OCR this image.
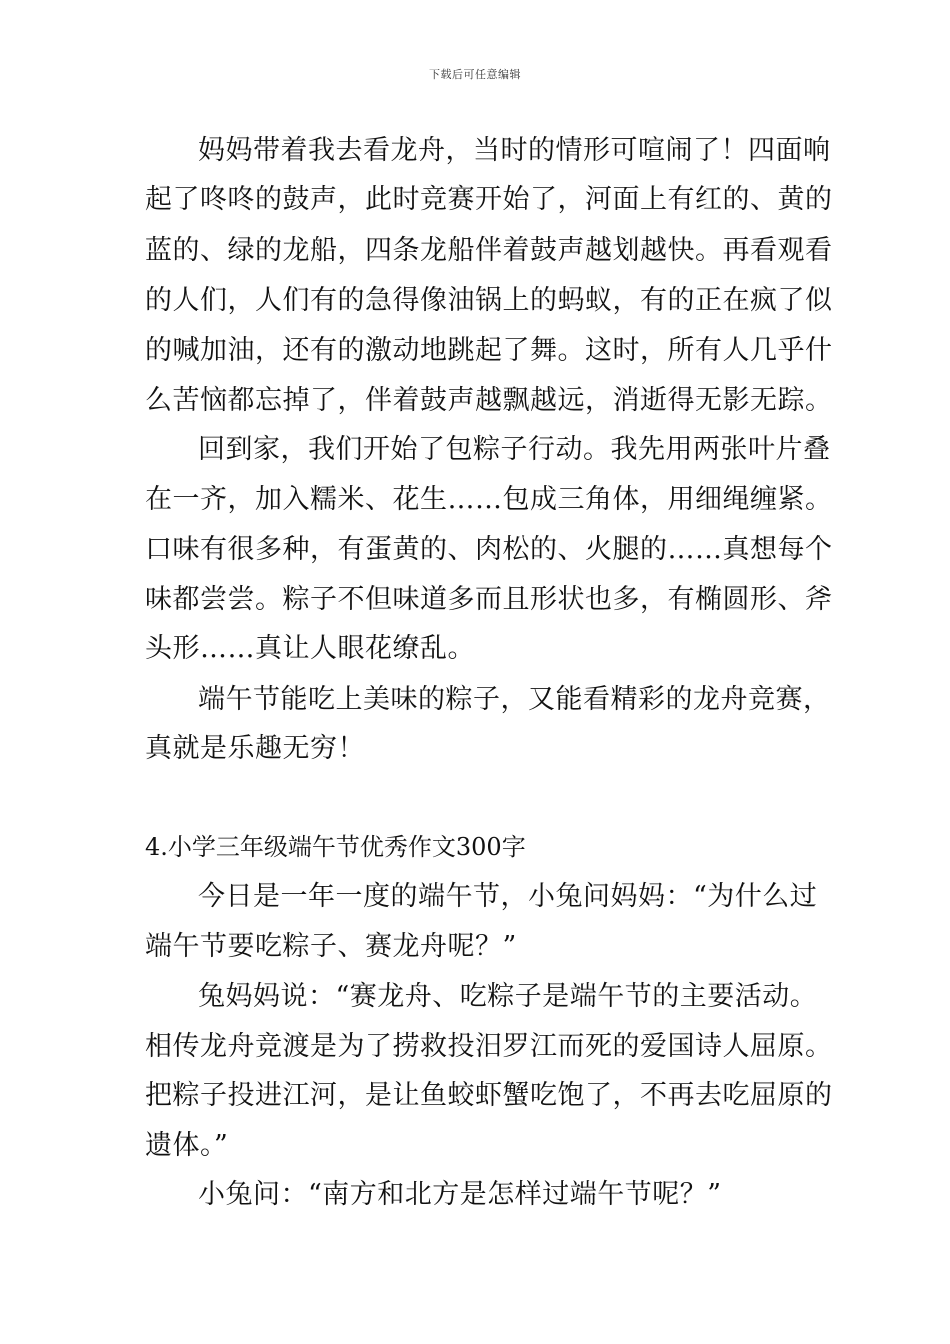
下载后可任意编辑
妈妈带着我去看龙舟，当时的情形可喧闹了！四面响
起了咚咚的鼓声，此时竞赛开始了，河面上有红的、黄的
蓝的、绿的龙船，四条龙船伴着鼓声越划越快。再看观看
的人们，人们有的急得像油锅上的蚂蚁，有的正在疯了似
的喊加油，还有的激动地跳起了舞。这时，所有人几乎什
么苦恼都忘掉了，伴着鼓声越飘越远，消逝得无影无踪。
回到家，我们开始了包粽子行动。我先用两张叶片叠
在一齐，加入糯米、花生……包成三角体，用细绳缠紧。
口味有很多种，有蛋黄的、肉松的、火腿的……真想每个
味都尝尝。粽子不但味道多而且形状也多，有椭圆形、斧
头形……真让人眼花缭乱。
端午节能吃上美味的粽子，又能看精彩的龙舟竞赛，
真就是乐趣无穷！
4.小学三年级端午节优秀作文300字
今日是一年一度的端午节，小兔问妈妈：“为什么过
端午节要吃粽子、赛龙舟呢？”
兔妈妈说：“赛龙舟、吃粽子是端午节的主要活动。
相传龙舟竞渡是为了捞救投汨罗江而死的爱国诗人屈原。
把粽子投进江河，是让鱼蛟虾蟹吃饱了，不再去吃屈原的
遗体。”
小兔问：“南方和北方是怎样过端午节呢？”
